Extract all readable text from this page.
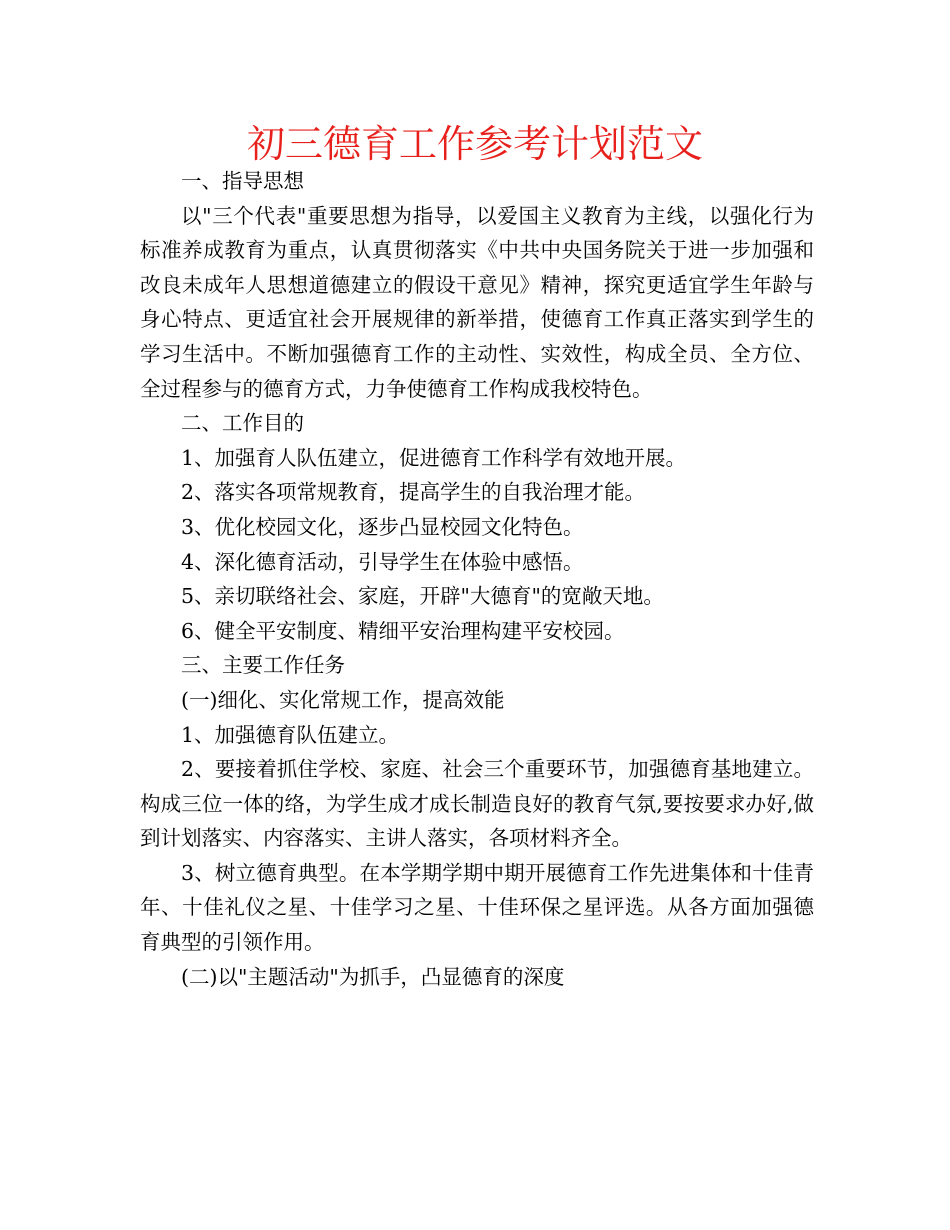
初三德育工作参考计划范文

一、指导思想

以"三个代表"重要思想为指导，以爱国主义教育为主线，以强化行为标准养成教育为重点，认真贯彻落实《中共中央国务院关于进一步加强和改良未成年人思想道德建立的假设干意见》精神，探究更适宜学生年龄与身心特点、更适宜社会开展规律的新举措，使德育工作真正落实到学生的学习生活中。不断加强德育工作的主动性、实效性，构成全员、全方位、全过程参与的德育方式，力争使德育工作构成我校特色。

二、工作目的

1、加强育人队伍建立，促进德育工作科学有效地开展。

2、落实各项常规教育，提高学生的自我治理才能。

3、优化校园文化，逐步凸显校园文化特色。

4、深化德育活动，引导学生在体验中感悟。

5、亲切联络社会、家庭，开辟"大德育"的宽敞天地。

6、健全平安制度、精细平安治理构建平安校园。

三、主要工作任务

(一)细化、实化常规工作，提高效能

1、加强德育队伍建立。

2、要接着抓住学校、家庭、社会三个重要环节，加强德育基地建立。构成三位一体的络，为学生成才成长制造良好的教育气氛,要按要求办好,做到计划落实、内容落实、主讲人落实，各项材料齐全。

3、树立德育典型。在本学期学期中期开展德育工作先进集体和十佳青年、十佳礼仪之星、十佳学习之星、十佳环保之星评选。从各方面加强德育典型的引领作用。

(二)以"主题活动"为抓手，凸显德育的深度
